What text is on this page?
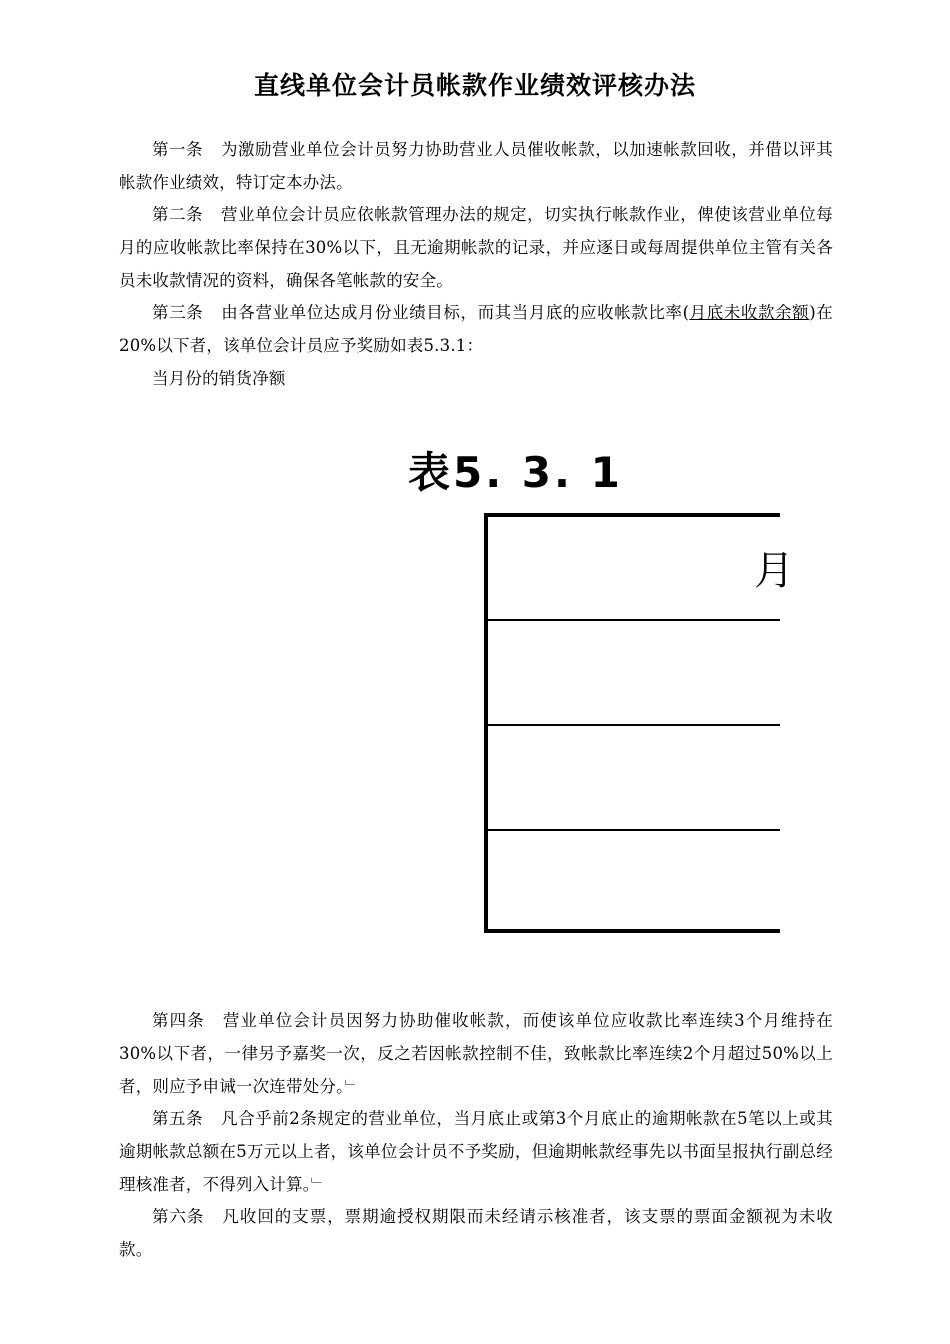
直线单位会计员帐款作业绩效评核办法

第一条 为激励营业单位会计员努力协助营业人员催收帐款，以加速帐款回收，并借以评其帐款作业绩效，特订定本办法。

第二条 营业单位会计员应依帐款管理办法的规定，切实执行帐款作业，俾使该营业单位每月的应收帐款比率保持在30%以下，且无逾期帐款的记录，并应逐日或每周提供单位主管有关各员未收款情况的资料，确保各笔帐款的安全。

第三条 由各营业单位达成月份业绩目标，而其当月底的应收帐款比率(月底未收款余额)在20%以下者，该单位会计员应予奖励如表5.3.1：

当月份的销货净额

表5. 3. 1
月

第四条 营业单位会计员因努力协助催收帐款，而使该单位应收款比率连续3个月维持在30%以下者，一律另予嘉奖一次，反之若因帐款控制不佳，致帐款比率连续2个月超过50%以上者，则应予申诫一次连带处分。﹂

第五条 凡合乎前2条规定的营业单位，当月底止或第3个月底止的逾期帐款在5笔以上或其逾期帐款总额在5万元以上者，该单位会计员不予奖励，但逾期帐款经事先以书面呈报执行副总经理核准者，不得列入计算。﹂

第六条 凡收回的支票，票期逾授权期限而未经请示核准者，该支票的票面金额视为未收款。
